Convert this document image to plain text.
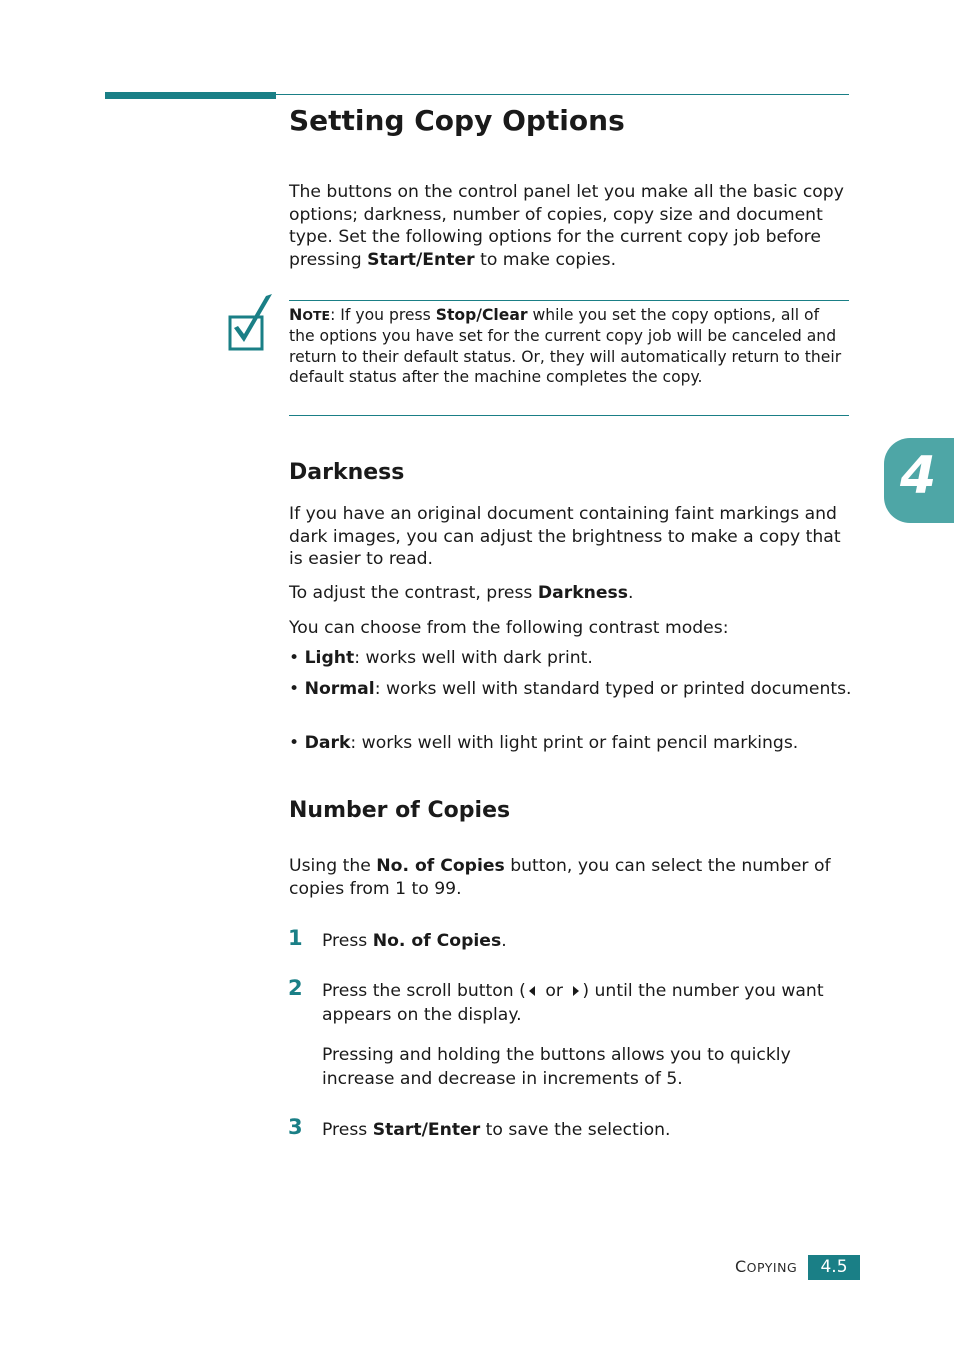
Setting Copy Options

The buttons on the control panel let you make all the basic copy options; darkness, number of copies, copy size and document type. Set the following options for the current copy job before pressing Start/Enter to make copies.

NOTE: If you press Stop/Clear while you set the copy options, all of the options you have set for the current copy job will be canceled and return to their default status. Or, they will automatically return to their default status after the machine completes the copy.

Darkness

If you have an original document containing faint markings and dark images, you can adjust the brightness to make a copy that is easier to read.

To adjust the contrast, press Darkness.

You can choose from the following contrast modes:

• Light: works well with dark print.

• Normal: works well with standard typed or printed documents.

• Dark: works well with light print or faint pencil markings.

Number of Copies

Using the No. of Copies button, you can select the number of copies from 1 to 99.

1 Press No. of Copies.

2 Press the scroll button ( or ) until the number you want appears on the display.

Pressing and holding the buttons allows you to quickly increase and decrease in increments of 5.

3 Press Start/Enter to save the selection.

4
COPYING	4.5
